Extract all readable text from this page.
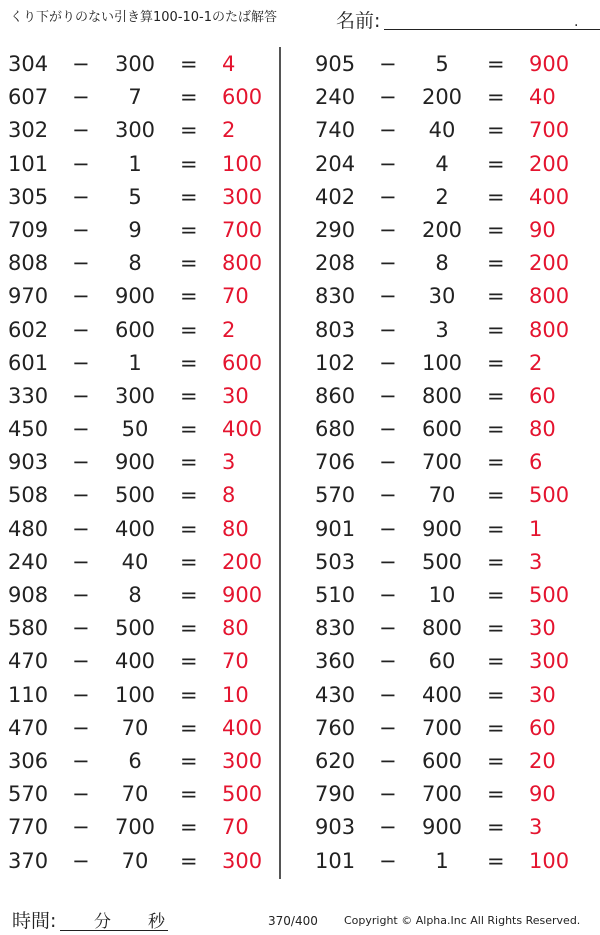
くり下がりのない引き算100-10-1のたば解答	名前:	.
304 − 300 = 4
607 −	7	= 600
302 − 300 = 2
101 −	1	= 100
305 −	5	= 300
709 −	9	= 700
808 −	8	= 800
970 − 900 = 70
602 − 600 = 2
601 −	1	= 600
330 − 300 = 30
450 −	50	= 400
903 − 900 = 3
508 − 500 = 8
480 − 400 = 80
240 −	40	= 200
908 −	8	= 900
580 − 500 = 80
470 − 400 = 70
110 − 100 = 10
470 −	70	= 400
306 −	6	= 300
570 −	70	= 500
770 − 700 = 70
370 −	70	= 300
905 −	5	= 900
240 − 200 = 40
740 −	40	= 700
204 −	4	= 200
402 −	2	= 400
290 − 200 = 90
208 −	8	= 200
830 −	30	= 800
803 −	3	= 800
102 − 100 = 2
860 − 800 = 60
680 − 600 = 80
706 − 700 = 6
570 −	70	= 500
901 − 900 = 1
503 − 500 = 3
510 −	10	= 500
830 − 800 = 30
360 −	60	= 300
430 − 400 = 30
760 − 700 = 60
620 − 600 = 20
790 − 700 = 90
903 − 900 = 3
101 −	1	= 100
時間: 分 秒	370/400 Copyright © Alpha.Inc All Rights Reserved.
